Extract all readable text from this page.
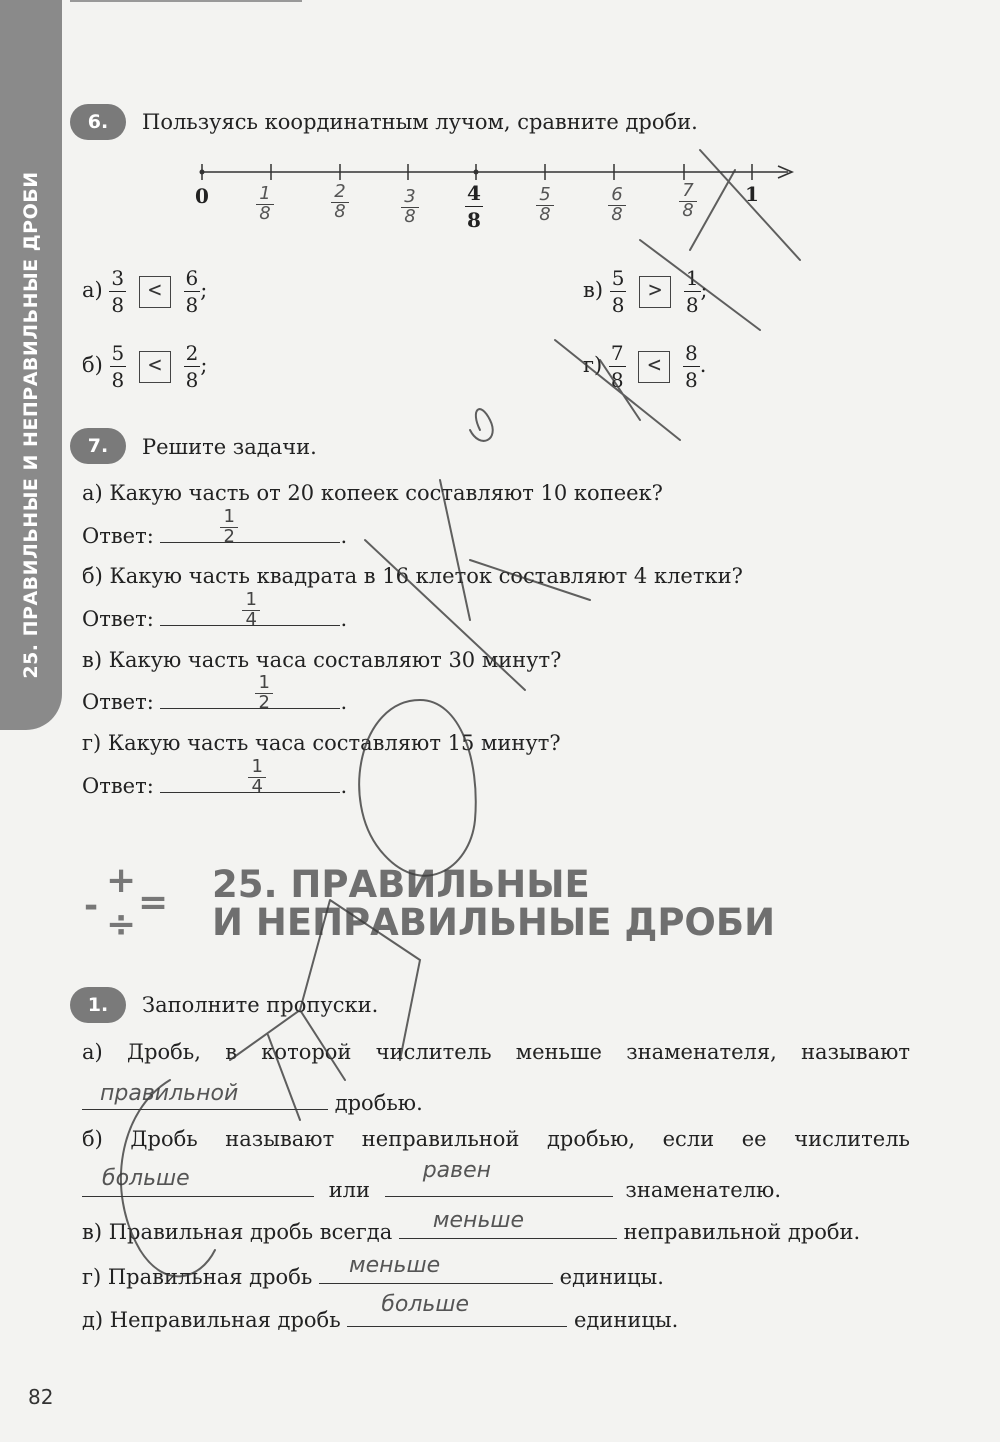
25. ПРАВИЛЬНЫЕ И НЕПРАВИЛЬНЫЕ ДРОБИ
6.	Пользуясь координатным лучом, сравните дроби.
0	1
$\frac{4}{8}$
$\frac{1}{8} \frac{2}{8} \frac{3}{8}$	$\frac{5}{8} \frac{6}{8} \frac{7}{8}$
$а) \frac{3}{8} < \frac{6}{8}$ ;
$б) \frac{5}{8} < \frac{2}{8}$ ;
$в) \frac{5}{8} > \frac{1}{8}$ ;
$г) \frac{7}{8} < \frac{8}{8}$ .
7.	Решите задачи.
а) Какую часть от 20 копеек составляют 10 копеек?
Ответ:	$\frac{1}{2}$	.
б) Какую часть квадрата в 16 клеток составляют 4 клетки?
Ответ:	$\frac{1}{4}$	.
в) Какую часть часа составляют 30 минут?
Ответ:	$\frac{1}{2}$	.
г) Какую часть часа составляют 15 минут?
Ответ:	$\frac{1}{4}$	.
-
+
÷
= 25. ПРАВИЛЬНЫЕ
И НЕПРАВИЛЬНЫЕ ДРОБИ
1.	Заполните пропуски.
а) Дробь, в которой числитель меньше знаменателя, называют
правильной	дробью.
б) Дробь называют неправильной дробью, если ее числитель
больше	или
равен
знаменателю.
в) Правильная дробь всегда меньше	неправильной дроби.
г) Правильная дробь меньше	единицы.
д) Неправильная дробь
больше
единицы.
82
